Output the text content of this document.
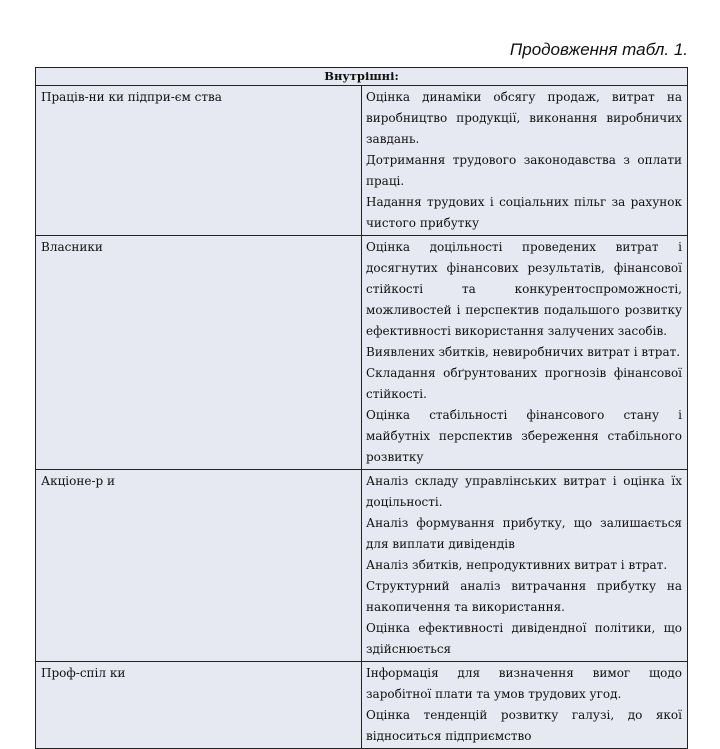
Продовження табл. 1.
Внутрішні:	
Праців-ни ки підпри-єм ства	Оцінка динаміки обсягу продаж, витрат на виробництво продукції, виконання виробничих завдань.
Дотримання трудового законодавства з оплати праці.
Надання трудових і соціальних пільг за рахунок чистого прибутку

Власники	Оцінка доцільності проведених витрат і досягнутих фінансових результатів, фінансової стійкості та конкурентоспроможності, можливостей і перспектив подальшого розвитку ефективності використання залучених засобів.
Виявлених збитків, невиробничих витрат і втрат.
Складання обґрунтованих прогнозів фінансової стійкості.
Оцінка стабільності фінансового стану і майбутніх перспектив збереження стабільного розвитку

Акціоне-р и	Аналіз складу управлінських витрат і оцінка їх доцільності.
Аналіз формування прибутку, що залишається для виплати дивідендів
Аналіз збитків, непродуктивних витрат і втрат.
Структурний аналіз витрачання прибутку на накопичення та використання.
Оцінка ефективності дивідендної політики, що здійснюється

Проф-спіл ки	Інформація для визначення вимог щодо заробітної плати та умов трудових угод.
Оцінка тенденцій розвитку галузі, до якої відноситься підприємство
